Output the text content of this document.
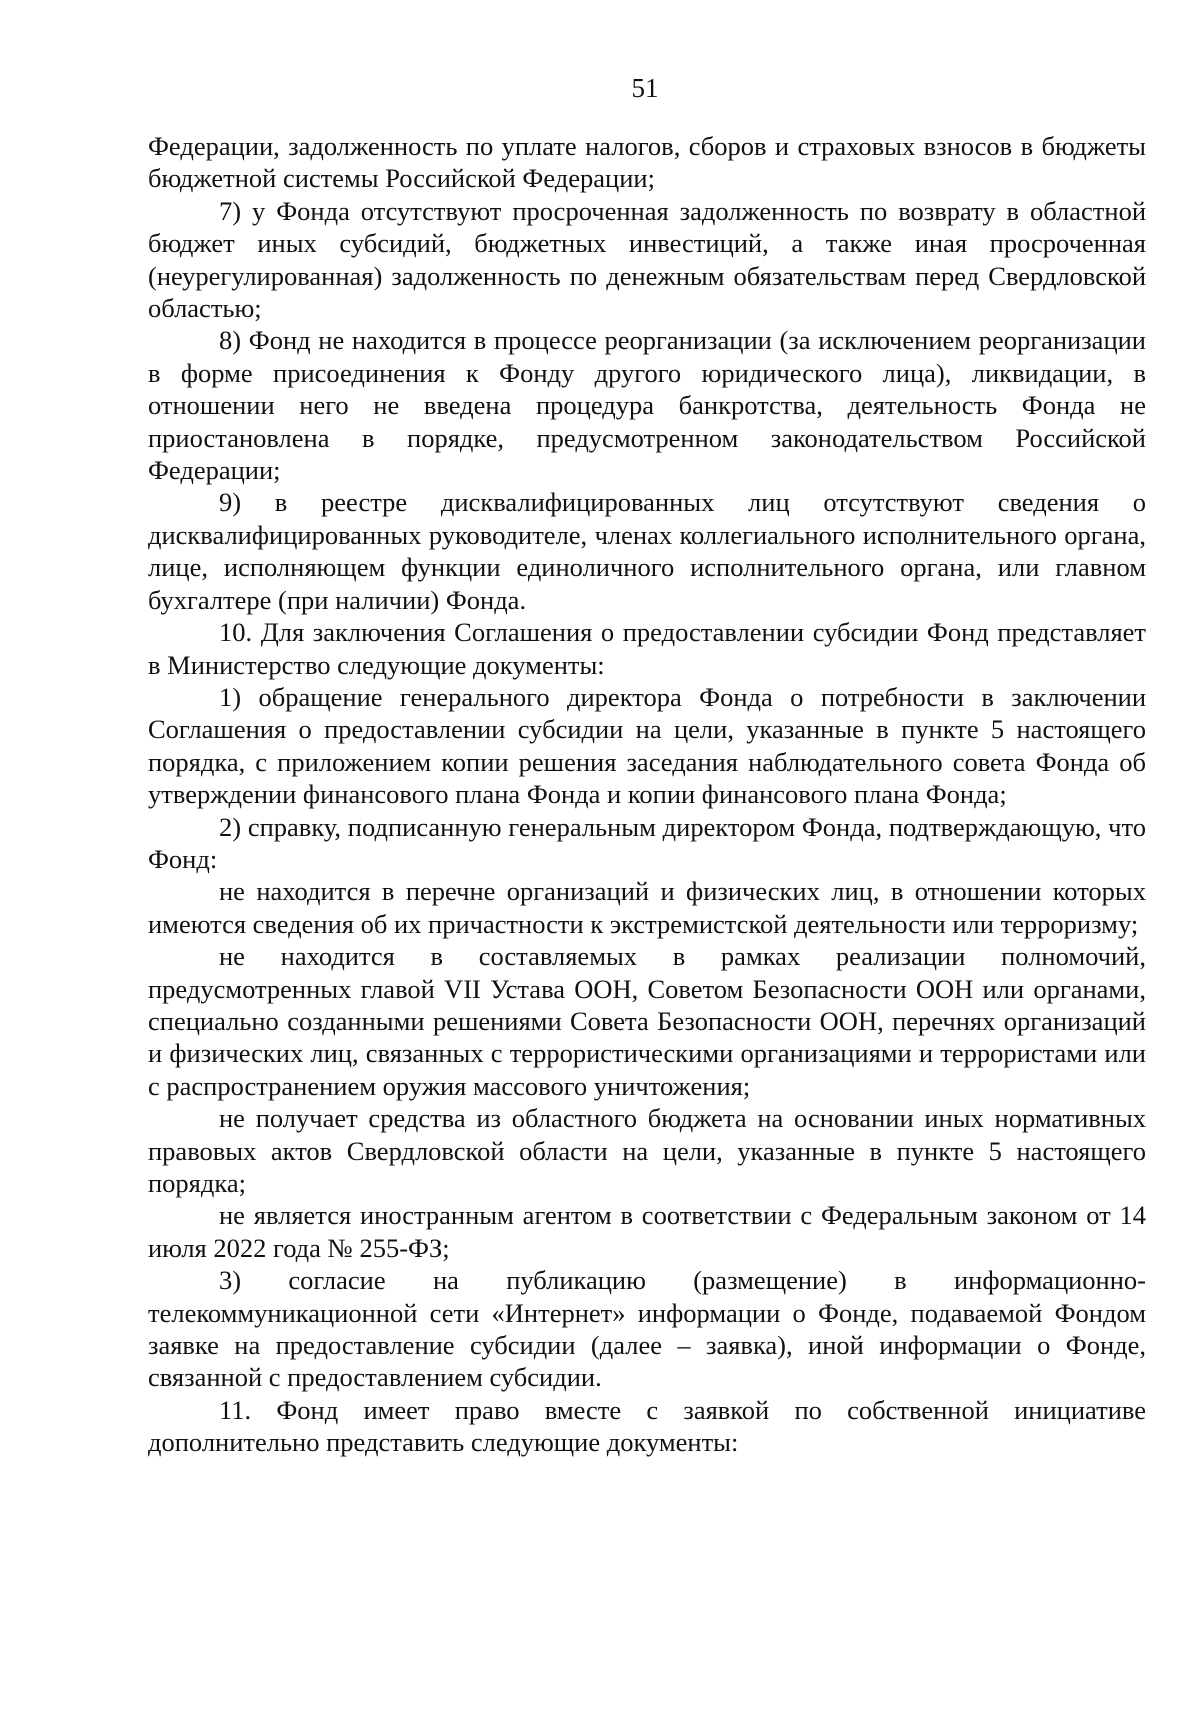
51

Федерации, задолженность по уплате налогов, сборов и страховых взносов в бюджеты бюджетной системы Российской Федерации;

7) у Фонда отсутствуют просроченная задолженность по возврату в областной бюджет иных субсидий, бюджетных инвестиций, а также иная просроченная (неурегулированная) задолженность по денежным обязательствам перед Свердловской областью;

8) Фонд не находится в процессе реорганизации (за исключением реорганизации в форме присоединения к Фонду другого юридического лица), ликвидации, в отношении него не введена процедура банкротства, деятельность Фонда не приостановлена в порядке, предусмотренном законодательством Российской Федерации;

9) в реестре дисквалифицированных лиц отсутствуют сведения о дисквалифицированных руководителе, членах коллегиального исполнительного органа, лице, исполняющем функции единоличного исполнительного органа, или главном бухгалтере (при наличии) Фонда.

10. Для заключения Соглашения о предоставлении субсидии Фонд представляет в Министерство следующие документы:

1) обращение генерального директора Фонда о потребности в заключении Соглашения о предоставлении субсидии на цели, указанные в пункте 5 настоящего порядка, с приложением копии решения заседания наблюдательного совета Фонда об утверждении финансового плана Фонда и копии финансового плана Фонда;

2) справку, подписанную генеральным директором Фонда, подтверждающую, что Фонд:

не находится в перечне организаций и физических лиц, в отношении которых имеются сведения об их причастности к экстремистской деятельности или терроризму;

не находится в составляемых в рамках реализации полномочий, предусмотренных главой VII Устава ООН, Советом Безопасности ООН или органами, специально созданными решениями Совета Безопасности ООН, перечнях организаций и физических лиц, связанных с террористическими организациями и террористами или с распространением оружия массового уничтожения;

не получает средства из областного бюджета на основании иных нормативных правовых актов Свердловской области на цели, указанные в пункте 5 настоящего порядка;

не является иностранным агентом в соответствии с Федеральным законом от 14 июля 2022 года № 255-ФЗ;

3) согласие на публикацию (размещение) в информационно-телекоммуникационной сети «Интернет» информации о Фонде, подаваемой Фондом заявке на предоставление субсидии (далее – заявка), иной информации о Фонде, связанной с предоставлением субсидии.

11. Фонд имеет право вместе с заявкой по собственной инициативе дополнительно представить следующие документы:
